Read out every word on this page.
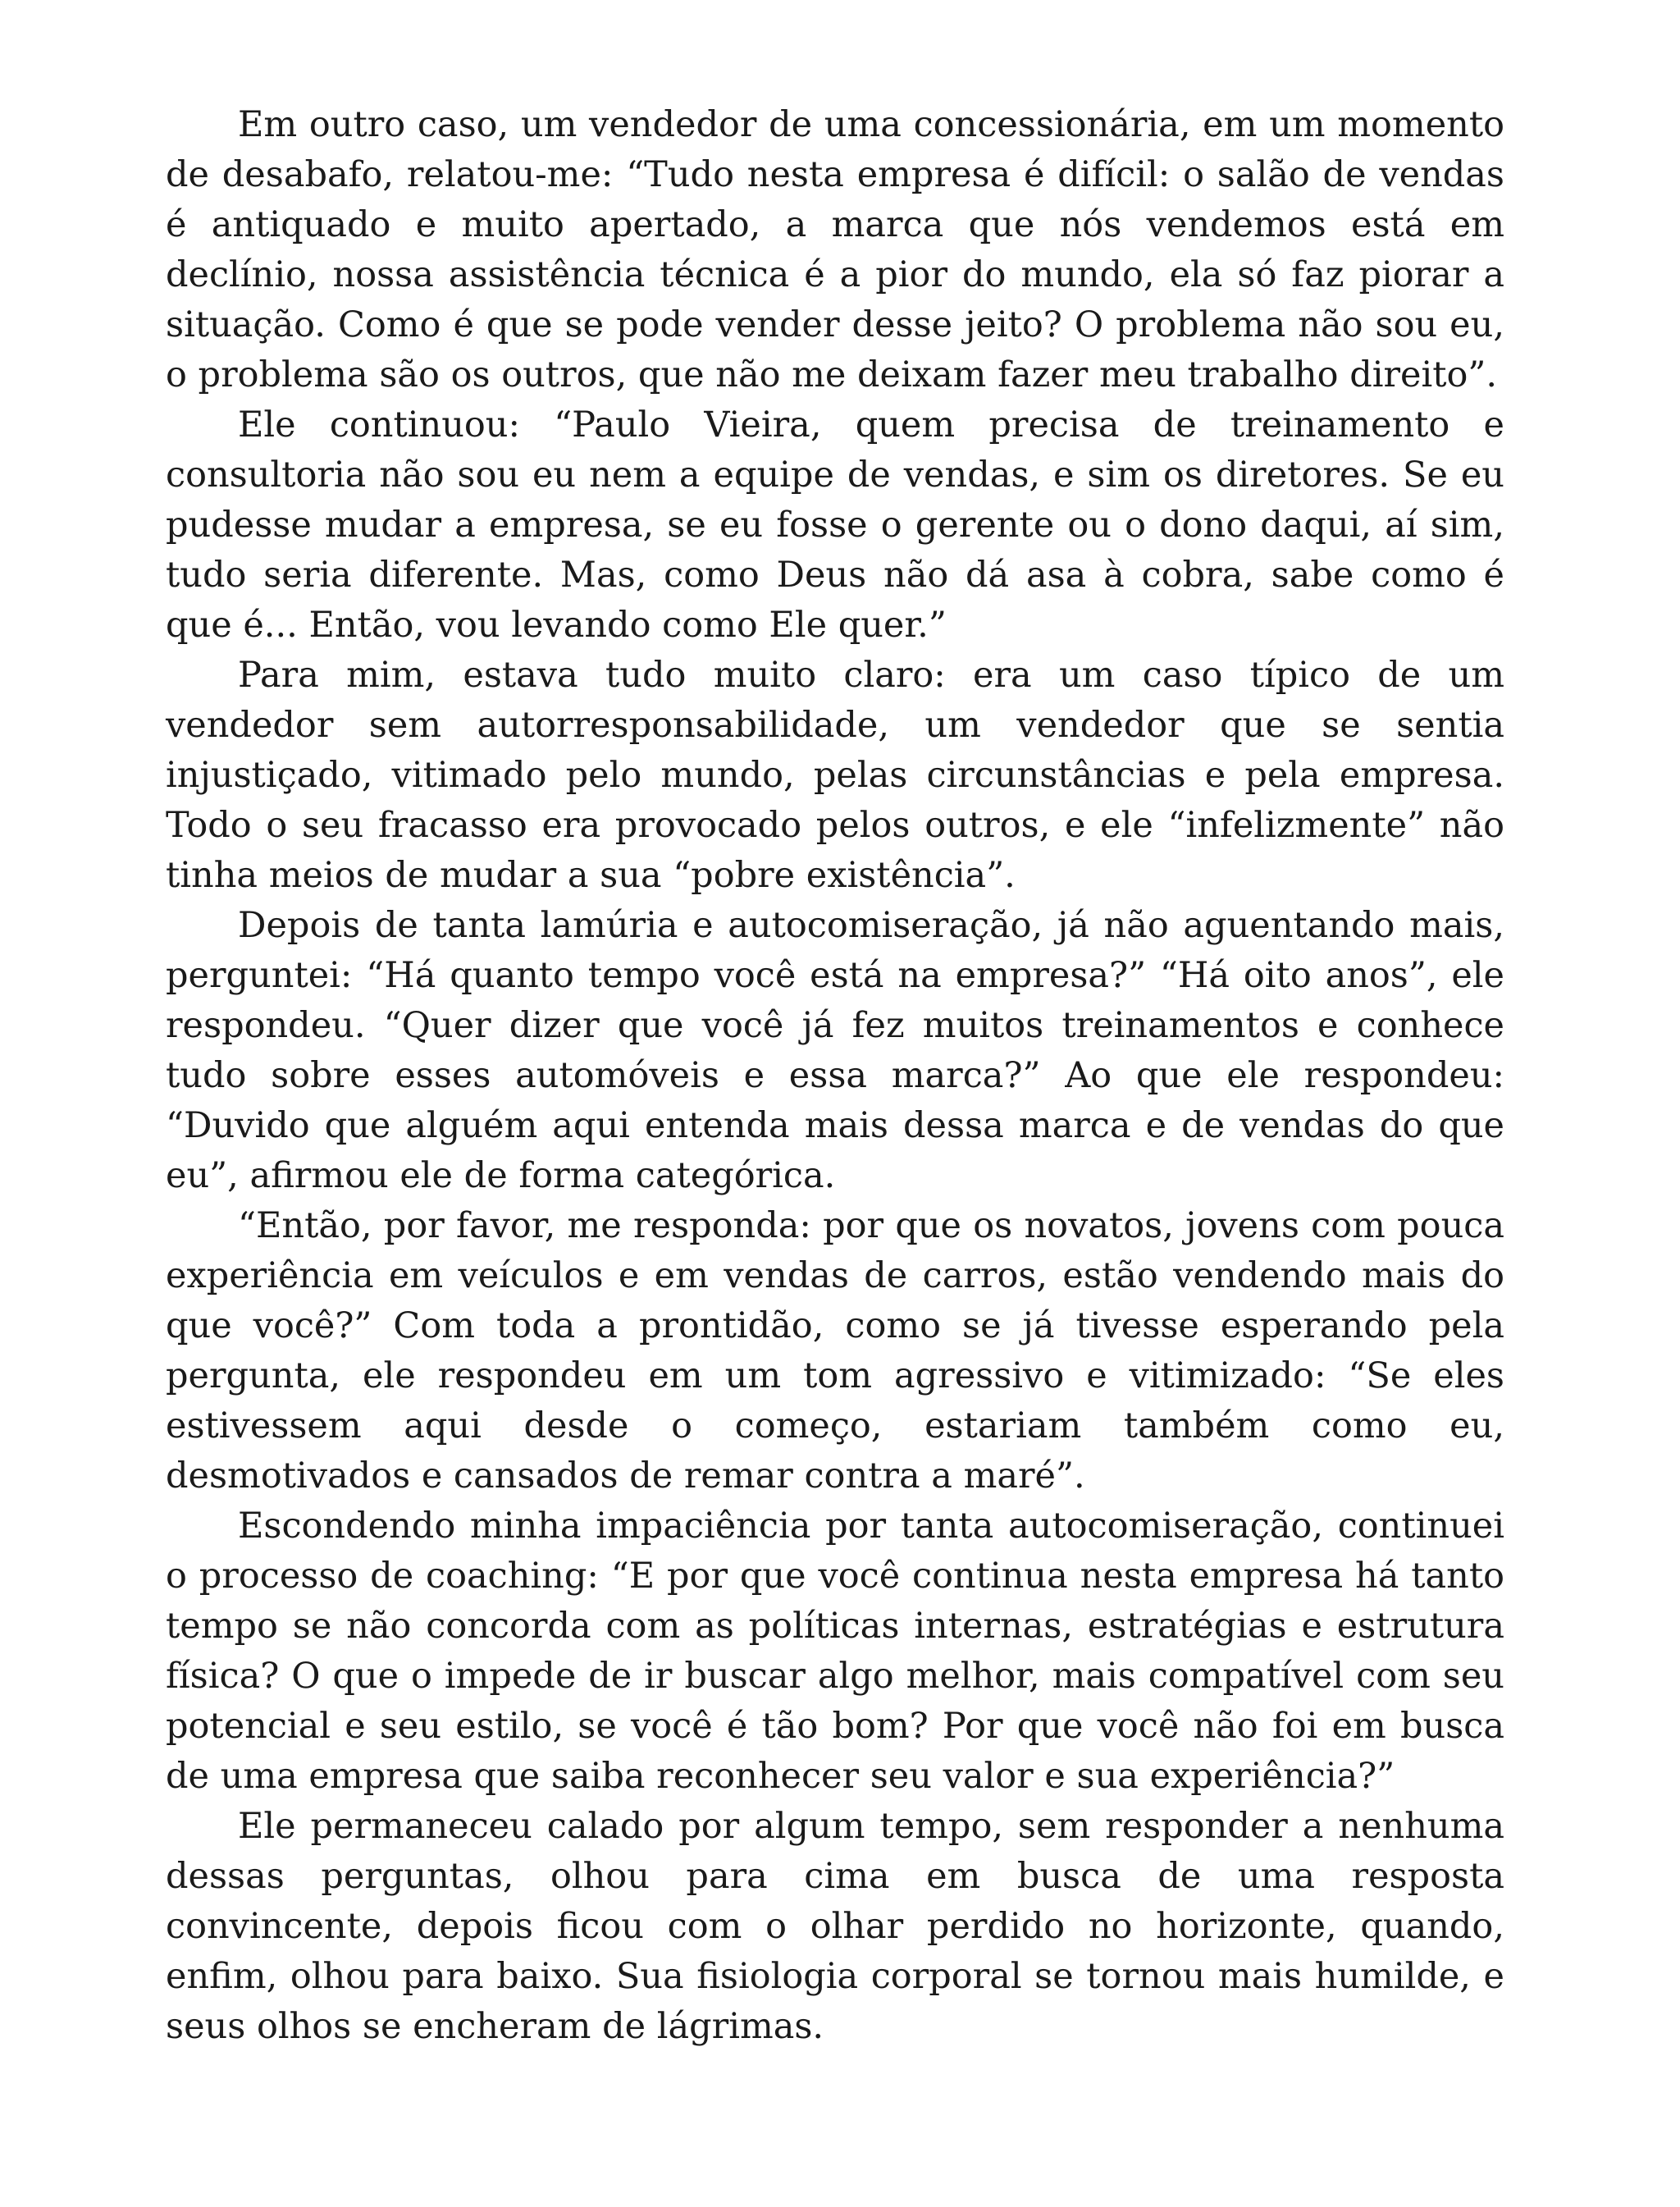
Em outro caso, um vendedor de uma concessionária, em um momento de desabafo, relatou-me: “Tudo nesta empresa é difícil: o salão de vendas é antiquado e muito apertado, a marca que nós vendemos está em declínio, nossa assistência técnica é a pior do mundo, ela só faz piorar a situação. Como é que se pode vender desse jeito? O problema não sou eu, o problema são os outros, que não me deixam fazer meu trabalho direito”.

Ele continuou: “Paulo Vieira, quem precisa de treinamento e consultoria não sou eu nem a equipe de vendas, e sim os diretores. Se eu pudesse mudar a empresa, se eu fosse o gerente ou o dono daqui, aí sim, tudo seria diferente. Mas, como Deus não dá asa à cobra, sabe como é que é... Então, vou levando como Ele quer.”

Para mim, estava tudo muito claro: era um caso típico de um vendedor sem autorresponsabilidade, um vendedor que se sentia injustiçado, vitimado pelo mundo, pelas circunstâncias e pela empresa. Todo o seu fracasso era provocado pelos outros, e ele “infelizmente” não tinha meios de mudar a sua “pobre existência”.

Depois de tanta lamúria e autocomiseração, já não aguentando mais, perguntei: “Há quanto tempo você está na empresa?” “Há oito anos”, ele respondeu. “Quer dizer que você já fez muitos treinamentos e conhece tudo sobre esses automóveis e essa marca?” Ao que ele respondeu: “Duvido que alguém aqui entenda mais dessa marca e de vendas do que eu”, afirmou ele de forma categórica.

“Então, por favor, me responda: por que os novatos, jovens com pouca experiência em veículos e em vendas de carros, estão vendendo mais do que você?” Com toda a prontidão, como se já tivesse esperando pela pergunta, ele respondeu em um tom agressivo e vitimizado: “Se eles estivessem aqui desde o começo, estariam também como eu, desmotivados e cansados de remar contra a maré”.

Escondendo minha impaciência por tanta autocomiseração, continuei o processo de coaching: “E por que você continua nesta empresa há tanto tempo se não concorda com as políticas internas, estratégias e estrutura física? O que o impede de ir buscar algo melhor, mais compatível com seu potencial e seu estilo, se você é tão bom? Por que você não foi em busca de uma empresa que saiba reconhecer seu valor e sua experiência?”

Ele permaneceu calado por algum tempo, sem responder a nenhuma dessas perguntas, olhou para cima em busca de uma resposta convincente, depois ficou com o olhar perdido no horizonte, quando, enfim, olhou para baixo. Sua fisiologia corporal se tornou mais humilde, e seus olhos se encheram de lágrimas.
